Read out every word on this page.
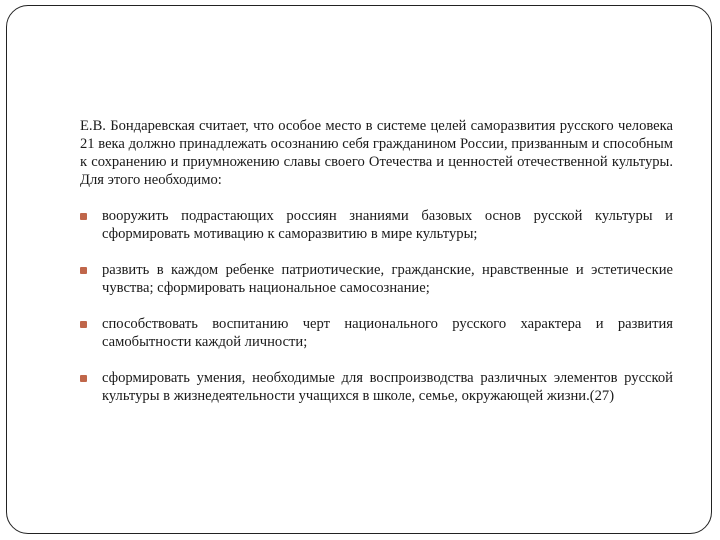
Е.В. Бондаревская считает, что особое место в системе целей саморазвития русского человека 21 века должно принадлежать осознанию себя гражданином России, призванным и способным к сохранению и приумножению славы своего Отечества и ценностей отечественной культуры. Для этого необходимо:

вооружить подрастающих россиян знаниями базовых основ русской культуры и сформировать мотивацию к саморазвитию в мире культуры;
развить в каждом ребенке патриотические, гражданские, нравственные и эстетические чувства; сформировать национальное самосознание;
способствовать воспитанию черт национального русского характера и развития самобытности каждой личности;
сформировать умения, необходимые для воспроизводства различных элементов русской культуры в жизнедеятельности учащихся в школе, семье, окружающей жизни.(27)
